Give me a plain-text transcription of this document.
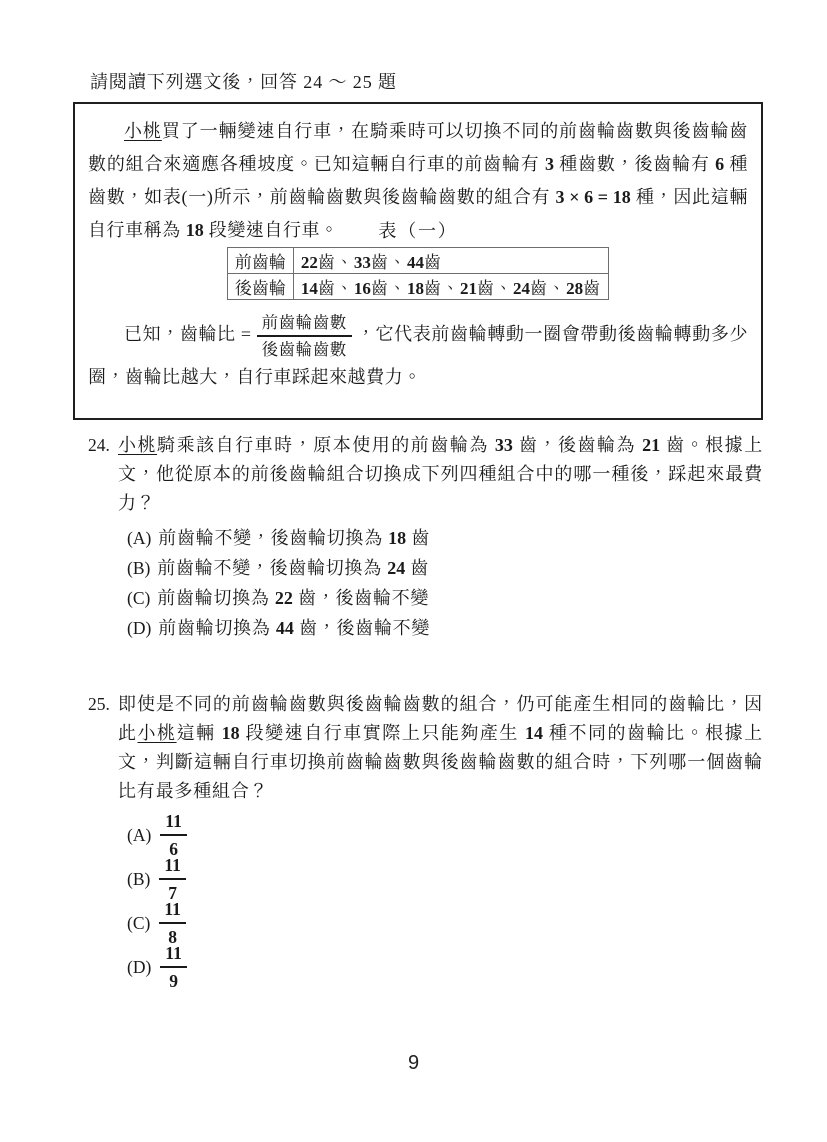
請閱讀下列選文後，回答 24 ～ 25 題

小桃買了一輛變速自行車，在騎乘時可以切換不同的前齒輪齒數與後齒輪齒數的組合來適應各種坡度。已知這輛自行車的前齒輪有 3 種齒數，後齒輪有 6 種齒數，如表(一)所示，前齒輪齒數與後齒輪齒數的組合有 3 × 6 = 18 種，因此這輛自行車稱為 18 段變速自行車。	表（一）
前齒輪	22齒、33齒、44齒
後齒輪	14齒、16齒、18齒、21齒、24齒、28齒

已知，齒輪比 = $\frac{\text{前齒輪齒數}}{\text{後齒輪齒數}}$ ，它代表前齒輪轉動一圈會帶動後齒輪轉動多少圈，齒輪比越大，自行車踩起來越費力。

24. 小桃騎乘該自行車時，原本使用的前齒輪為 33 齒，後齒輪為 21 齒。根據上文，他從原本的前後齒輪組合切換成下列四種組合中的哪一種後，踩起來最費力？

(A) 前齒輪不變，後齒輪切換為 18 齒
(B) 前齒輪不變，後齒輪切換為 24 齒
(C) 前齒輪切換為 22 齒，後齒輪不變
(D) 前齒輪切換為 44 齒，後齒輪不變
25. 即使是不同的前齒輪齒數與後齒輪齒數的組合，仍可能產生相同的齒輪比，因此小桃這輛 18 段變速自行車實際上只能夠產生 14 種不同的齒輪比。根據上文，判斷這輛自行車切換前齒輪齒數與後齒輪齒數的組合時，下列哪一個齒輪比有最多種組合？

$(A) \frac{11}{6}$
$(B) \frac{11}{7}$
$(C) \frac{11}{8}$
$(D) \frac{11}{9}$
9
